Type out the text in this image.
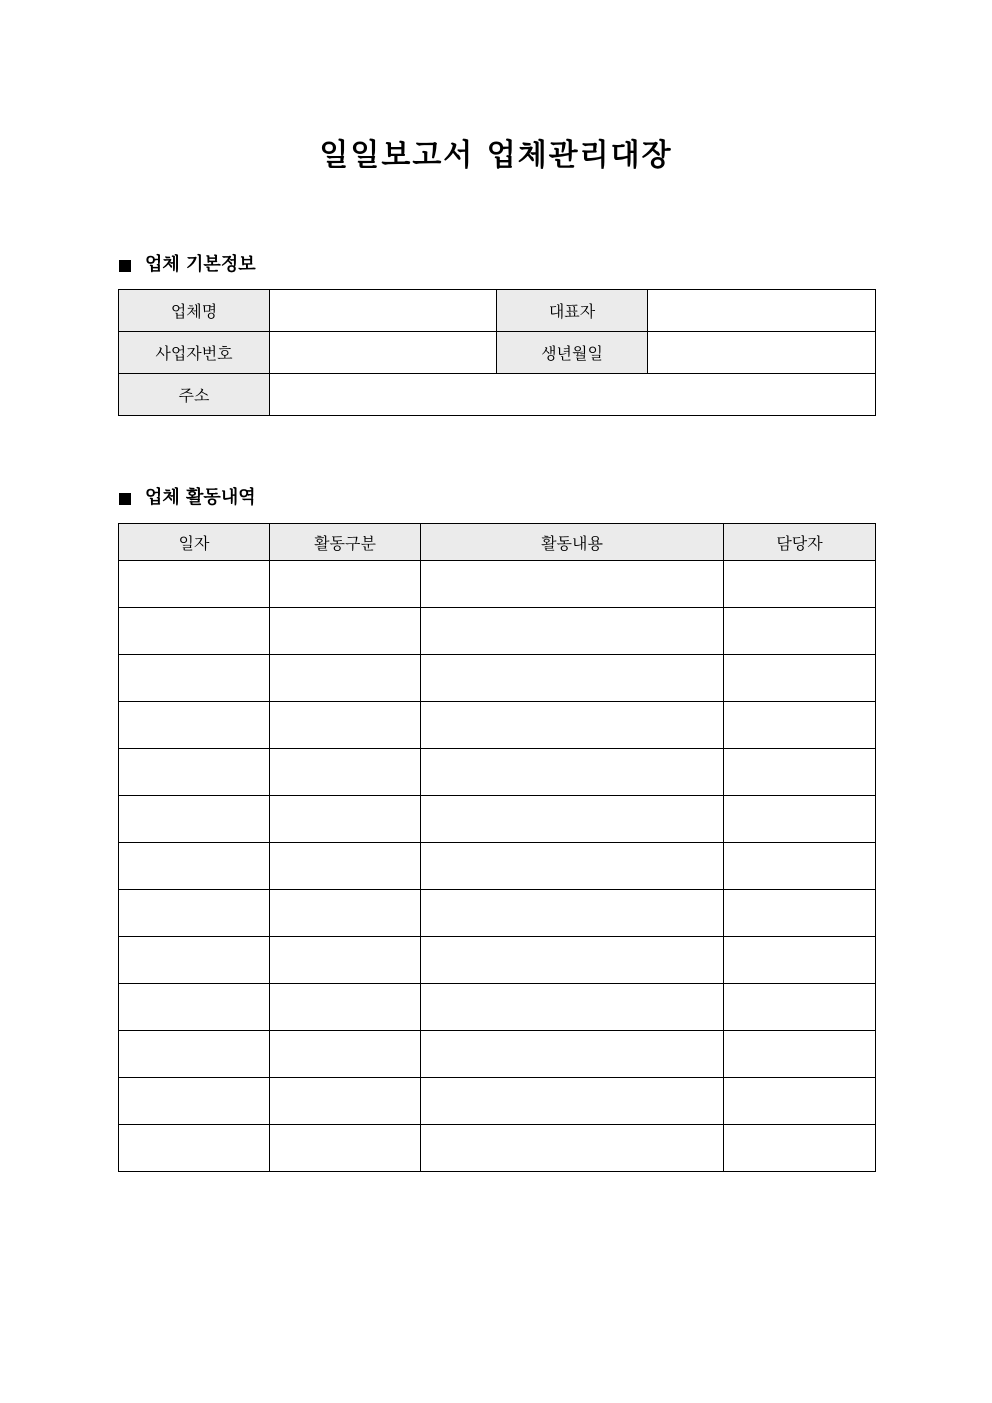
일일보고서 업체관리대장
업체 기본정보
업체명		대표자	
사업자번호		생년월일	
주소			
업체 활동내역
일자	활동구분	활동내용	담당자
